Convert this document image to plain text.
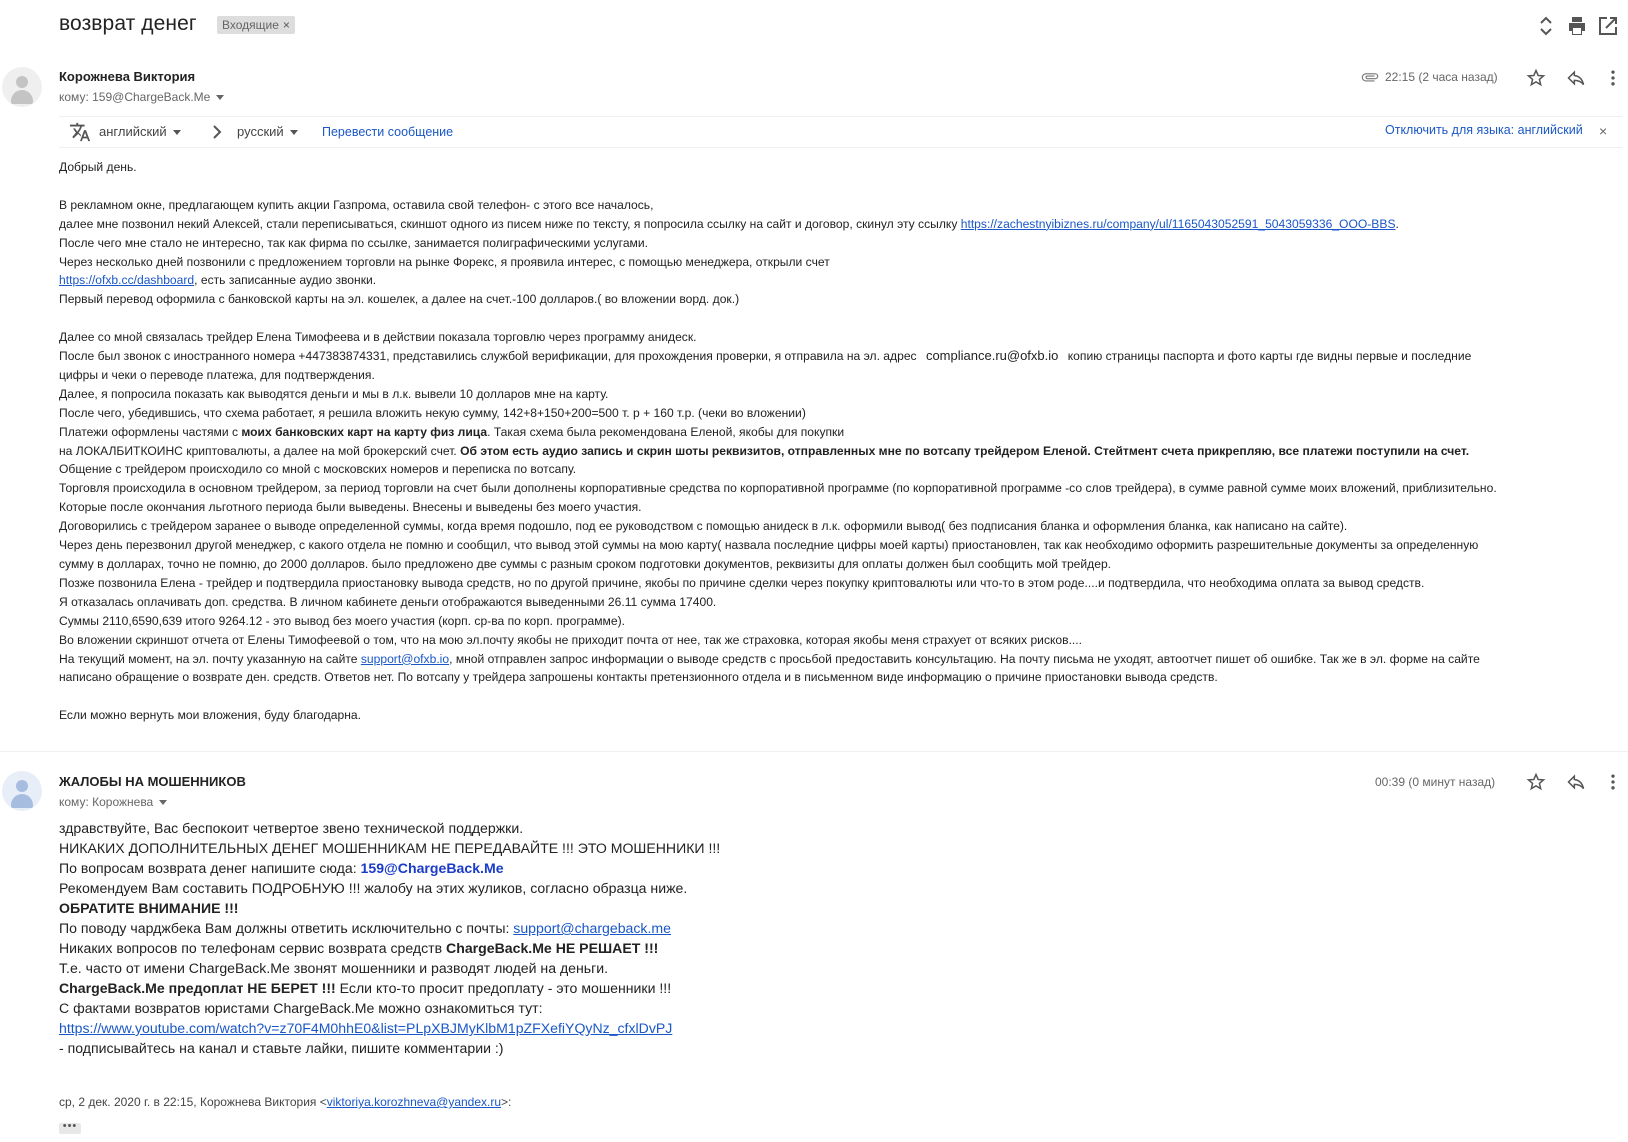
возврат денег	Входящие ×
Корожнева Виктория
кому: 159@ChargeBack.Me
22:15 (2 часа назад)
английский	русский	Перевести сообщение	Отключить для языка: английский ×

Добрый день.

В рекламном окне, предлагающем купить акции Газпрома, оставила свой телефон- с этого все началось,

далее мне позвонил некий Алексей, стали переписываться, скиншот одного из писем ниже по тексту, я попросила ссылку на сайт и договор, скинул эту ссылку https://zachestnyibiznes.ru/company/ul/1165043052591_5043059336_OOO-BBS.

После чего мне стало не интересно, так как фирма по ссылке, занимается полиграфическими услугами.

Через несколько дней позвонили с предложением торговли на рынке Форекс, я проявила интерес, с помощью менеджера, открыли счет

https://ofxb.cc/dashboard, есть записанные аудио звонки.

Первый перевод оформила с банковской карты на эл. кошелек, а далее на счет.-100 долларов.( во вложении ворд. док.)

Далее со мной связалась трейдер Елена Тимофеева и в действии показала торговлю через программу анидеск.

После был звонок с иностранного номера +447383874331, представились службой верификации, для прохождения проверки, я отправила на эл. адрес compliance.ru@ofxb.io копию страницы паспорта и фото карты где видны первые и последние

цифры и чеки о переводе платежа, для подтверждения.

Далее, я попросила показать как выводятся деньги и мы в л.к. вывели 10 долларов мне на карту.

После чего, убедившись, что схема работает, я решила вложить некую сумму, 142+8+150+200=500 т. р + 160 т.р. (чеки во вложении)

Платежи оформлены частями с моих банковских карт на карту физ лица. Такая схема была рекомендована Еленой, якобы для покупки

на ЛОКАЛБИТКОИНС криптовалюты, а далее на мой брокерский счет. Об этом есть аудио запись и скрин шоты реквизитов, отправленных мне по вотсапу трейдером Еленой. Стейтмент счета прикрепляю, все платежи поступили на счет.

Общение с трейдером происходило со мной с московских номеров и переписка по вотсапу.

Торговля происходила в основном трейдером, за период торговли на счет были дополнены корпоративные средства по корпоративной программе (по корпоративной программе -со слов трейдера), в сумме равной сумме моих вложений, приблизительно.

Которые после окончания льготного периода были выведены. Внесены и выведены без моего участия.

Договорились с трейдером заранее о выводе определенной суммы, когда время подошло, под ее руководством с помощью анидеск в л.к. оформили вывод( без подписания бланка и оформления бланка, как написано на сайте).

Через день перезвонил другой менеджер, с какого отдела не помню и сообщил, что вывод этой суммы на мою карту( назвала последние цифры моей карты) приостановлен, так как необходимо оформить разрешительные документы за определенную

сумму в долларах, точно не помню, до 2000 долларов. было предложено две суммы с разным сроком подготовки документов, реквизиты для оплаты должен был сообщить мой трейдер.

Позже позвонила Елена - трейдер и подтвердила приостановку вывода средств, но по другой причине, якобы по причине сделки через покупку криптовалюты или что-то в этом роде....и подтвердила, что необходима оплата за вывод средств.

Я отказалась оплачивать доп. средства. В личном кабинете деньги отображаются выведенными 26.11 сумма 17400.

Суммы 2110,6590,639 итого 9264.12 - это вывод без моего участия (корп. ср-ва по корп. программе).

Во вложении скриншот отчета от Елены Тимофеевой о том, что на мою эл.почту якобы не приходит почта от нее, так же страховка, которая якобы меня страхует от всяких рисков....

На текущий момент, на эл. почту указанную на сайте support@ofxb.io, мной отправлен запрос информации о выводе средств с просьбой предоставить консультацию. На почту письма не уходят, автоотчет пишет об ошибке. Так же в эл. форме на сайте

написано обращение о возврате ден. средств. Ответов нет. По вотсапу у трейдера запрошены контакты претензионного отдела и в письменном виде информацию о причине приостановки вывода средств.

Если можно вернуть мои вложения, буду благодарна.

ЖАЛОБЫ НА МОШЕННИКОВ
кому: Корожнева
00:39 (0 минут назад)

здравствуйте, Вас беспокоит четвертое звено технической поддержки.

НИКАКИХ ДОПОЛНИТЕЛЬНЫХ ДЕНЕГ МОШЕННИКАМ НЕ ПЕРЕДАВАЙТЕ !!! ЭТО МОШЕННИКИ !!!

По вопросам возврата денег напишите сюда: 159@ChargeBack.Me

Рекомендуем Вам составить ПОДРОБНУЮ !!! жалобу на этих жуликов, согласно образца ниже.

ОБРАТИТЕ ВНИМАНИЕ !!!

По поводу чарджбека Вам должны ответить исключительно с почты: support@chargeback.me

Никаких вопросов по телефонам сервис возврата средств ChargeBack.Me НЕ РЕШАЕТ !!!

Т.е. часто от имени ChargeBack.Me звонят мошенники и разводят людей на деньги.

ChargeBack.Me предоплат НЕ БЕРЕТ !!! Если кто-то просит предоплату - это мошенники !!!

С фактами возвратов юристами ChargeBack.Me можно ознакомиться тут:

https://www.youtube.com/watch?v=z70F4M0hhE0&list=PLpXBJMyKlbM1pZFXefiYQyNz_cfxlDvPJ

- подписывайтесь на канал и ставьте лайки, пишите комментарии :)

ср, 2 дек. 2020 г. в 22:15, Корожнева Виктория <viktoriya.korozhneva@yandex.ru>:
•••
